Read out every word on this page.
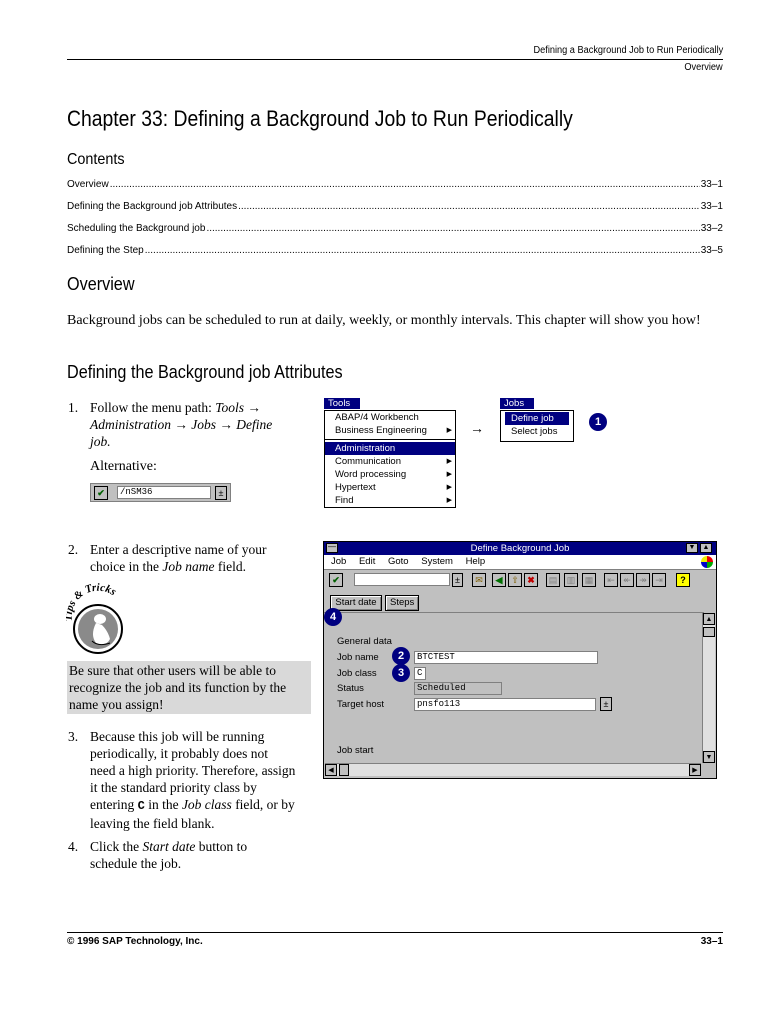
Defining a Background Job to Run Periodically
Overview
Chapter 33: Defining a Background Job to Run Periodically
Contents
Overview .....	33–1
Defining the Background job Attributes .....	33–1
Scheduling the Background job .....	33–2
Defining the Step .....	33–5
Overview
Background jobs can be scheduled to run at daily, weekly, or monthly intervals. This chapter will show you how!
Defining the Background job Attributes
1. Follow the menu path: Tools → Administration → Jobs → Define job.
Alternative:
✔	/nSM36	±
Tools
ABAP/4 Workbench
Business Engineering	▶
Administration
Communication	▶
Word processing	▶
Hypertext	▶
Find	▶
→
Jobs
Define job
Select jobs
1
2. Enter a descriptive name of your choice in the Job name field.
s & Tricks
Be sure that other users will be able to recognize the job and its function by the name you assign!
3. Because this job will be running periodically, it probably does not need a high priority. Therefore, assign it the standard priority class by entering C in the Job class field, or by leaving the field blank.
4. Click the Start date button to schedule the job.
—	Define Background Job	▼	▲
Job Edit Goto System Help
✔	±	✉	◀ ⇧ ✖	▤	▥	▦	⇤ ↞ ↠ ⇥	?
Start date	Steps
General data
Job name	BTCTEST
Job class	C
Status	Scheduled
Target host	pnsfo113	±
Job start
▲
▼
◀	▶
4
2
3
© 1996 SAP Technology, Inc.	33–1
